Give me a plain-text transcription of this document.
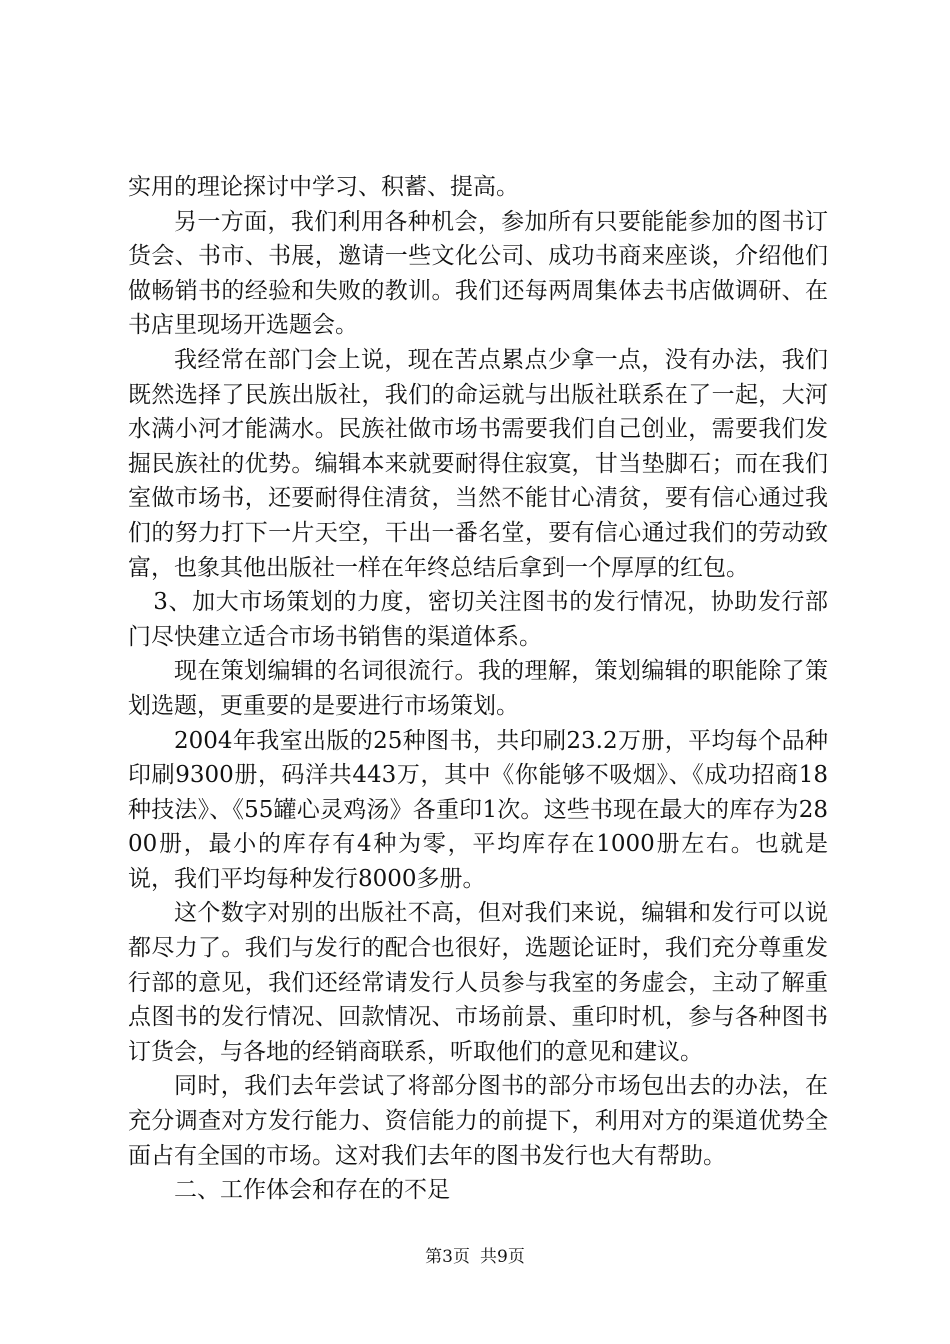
实用的理论探讨中学习、积蓄、提高。

另一方面，我们利用各种机会，参加所有只要能能参加的图书订货会、书市、书展，邀请一些文化公司、成功书商来座谈，介绍他们做畅销书的经验和失败的教训。我们还每两周集体去书店做调研、在书店里现场开选题会。

我经常在部门会上说，现在苦点累点少拿一点，没有办法，我们既然选择了民族出版社，我们的命运就与出版社联系在了一起，大河水满小河才能满水。民族社做市场书需要我们自己创业，需要我们发掘民族社的优势。编辑本来就要耐得住寂寞，甘当垫脚石；而在我们室做市场书，还要耐得住清贫，当然不能甘心清贫，要有信心通过我们的努力打下一片天空，干出一番名堂，要有信心通过我们的劳动致富，也象其他出版社一样在年终总结后拿到一个厚厚的红包。

3、加大市场策划的力度，密切关注图书的发行情况，协助发行部门尽快建立适合市场书销售的渠道体系。

现在策划编辑的名词很流行。我的理解，策划编辑的职能除了策划选题，更重要的是要进行市场策划。

2004年我室出版的25种图书，共印刷23.2万册，平均每个品种印刷9300册，码洋共443万，其中《你能够不吸烟》、《成功招商18种技法》、《55罐心灵鸡汤》各重印1次。这些书现在最大的库存为2800册，最小的库存有4种为零，平均库存在1000册左右。也就是说，我们平均每种发行8000多册。

这个数字对别的出版社不高，但对我们来说，编辑和发行可以说都尽力了。我们与发行的配合也很好，选题论证时，我们充分尊重发行部的意见，我们还经常请发行人员参与我室的务虚会，主动了解重点图书的发行情况、回款情况、市场前景、重印时机，参与各种图书订货会，与各地的经销商联系，听取他们的意见和建议。

同时，我们去年尝试了将部分图书的部分市场包出去的办法，在充分调查对方发行能力、资信能力的前提下，利用对方的渠道优势全面占有全国的市场。这对我们去年的图书发行也大有帮助。

二、工作体会和存在的不足

第3页 共9页
